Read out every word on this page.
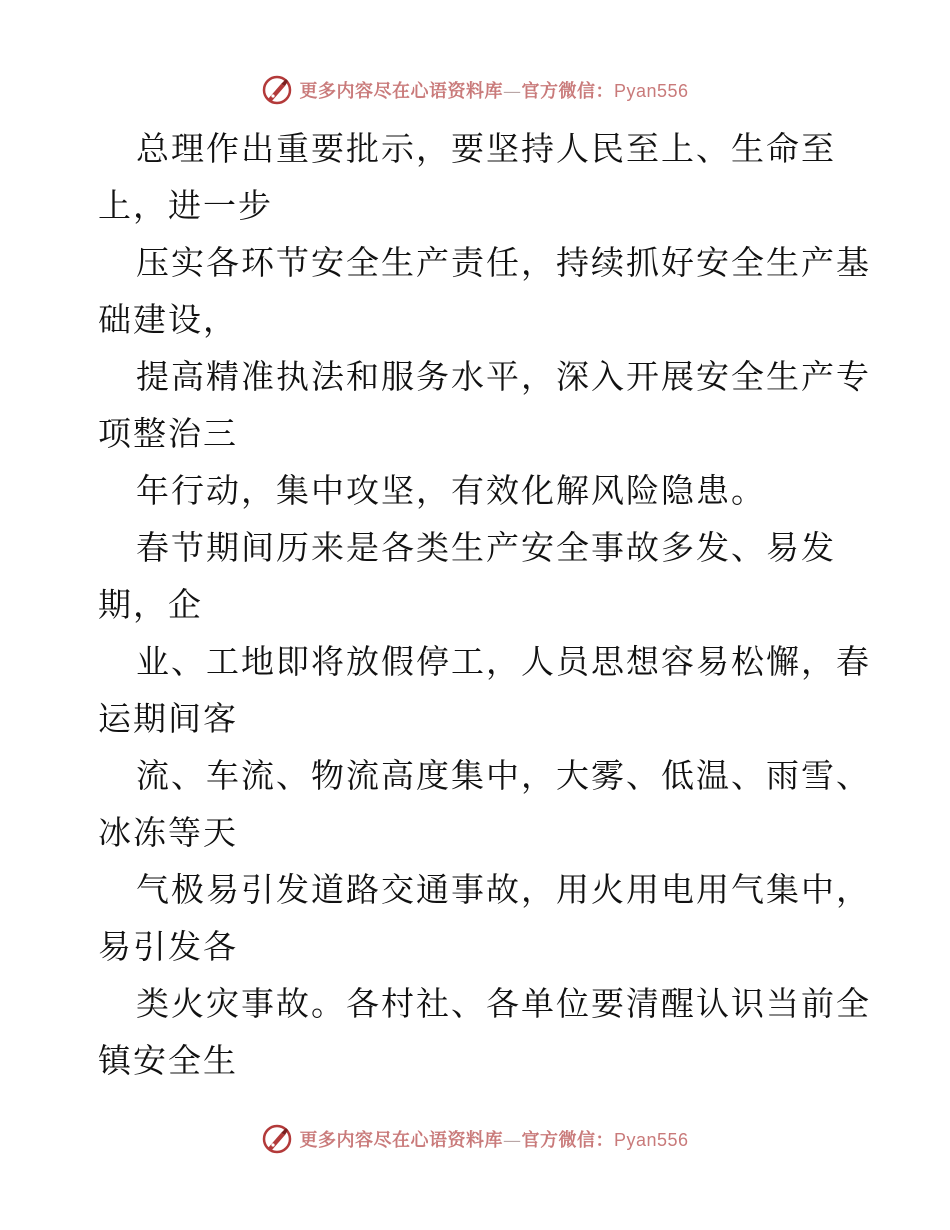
更多内容尽在心语资料库—官方微信：Pyan556
总理作出重要批示，要坚持人民至上、生命至
上，进一步
压实各环节安全生产责任，持续抓好安全生产基
础建设，
提高精准执法和服务水平，深入开展安全生产专
项整治三
年行动，集中攻坚，有效化解风险隐患。
春节期间历来是各类生产安全事故多发、易发
期，企
业、工地即将放假停工，人员思想容易松懈，春
运期间客
流、车流、物流高度集中，大雾、低温、雨雪、
冰冻等天
气极易引发道路交通事故，用火用电用气集中，
易引发各
类火灾事故。各村社、各单位要清醒认识当前全
镇安全生
更多内容尽在心语资料库—官方微信：Pyan556
